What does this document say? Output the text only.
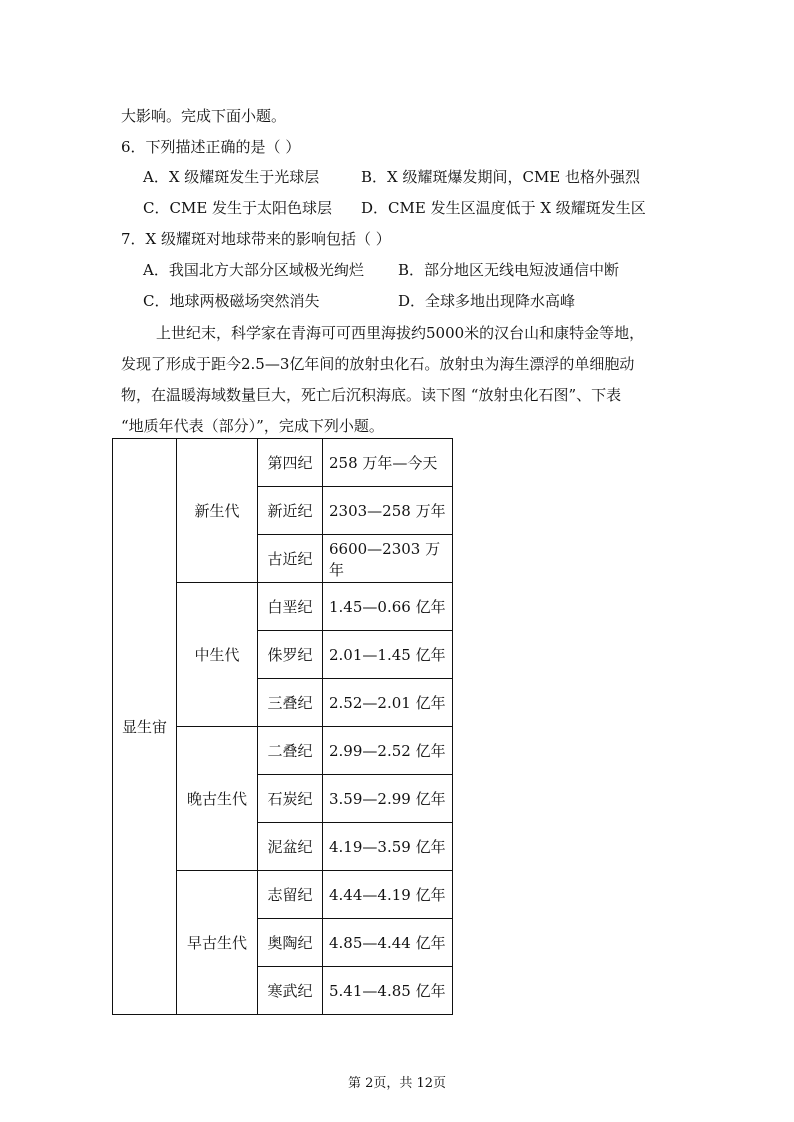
大影响。完成下面小题。
6．下列描述正确的是（ ）
A．X 级耀斑发生于光球层	B．X 级耀斑爆发期间，CME 也格外强烈
C．CME 发生于太阳色球层 D．CME 发生区温度低于 X 级耀斑发生区
7．X 级耀斑对地球带来的影响包括（ ）
A．我国北方大部分区域极光绚烂 B．部分地区无线电短波通信中断
C．地球两极磁场突然消失	D．全球多地出现降水高峰
上世纪末，科学家在青海可可西里海拔约5000米的汉台山和康特金等地，
发现了形成于距今2.5—3亿年间的放射虫化石。放射虫为海生漂浮的单细胞动
物，在温暖海域数量巨大，死亡后沉积海底。读下图 “放射虫化石图”、下表
“地质年代表（部分）”，完成下列小题。
显生宙	新生代	第四纪	258 万年—今天
		新近纪	2303—258 万年
		古近纪	6600—2303 万年
	中生代	白垩纪	1.45—0.66 亿年
		侏罗纪	2.01—1.45 亿年
		三叠纪	2.52—2.01 亿年
	晚古生代	二叠纪	2.99—2.52 亿年
		石炭纪	3.59—2.99 亿年
		泥盆纪	4.19—3.59 亿年
	早古生代	志留纪	4.44—4.19 亿年
		奥陶纪	4.85—4.44 亿年
		寒武纪	5.41—4.85 亿年
第 2页，共 12页
